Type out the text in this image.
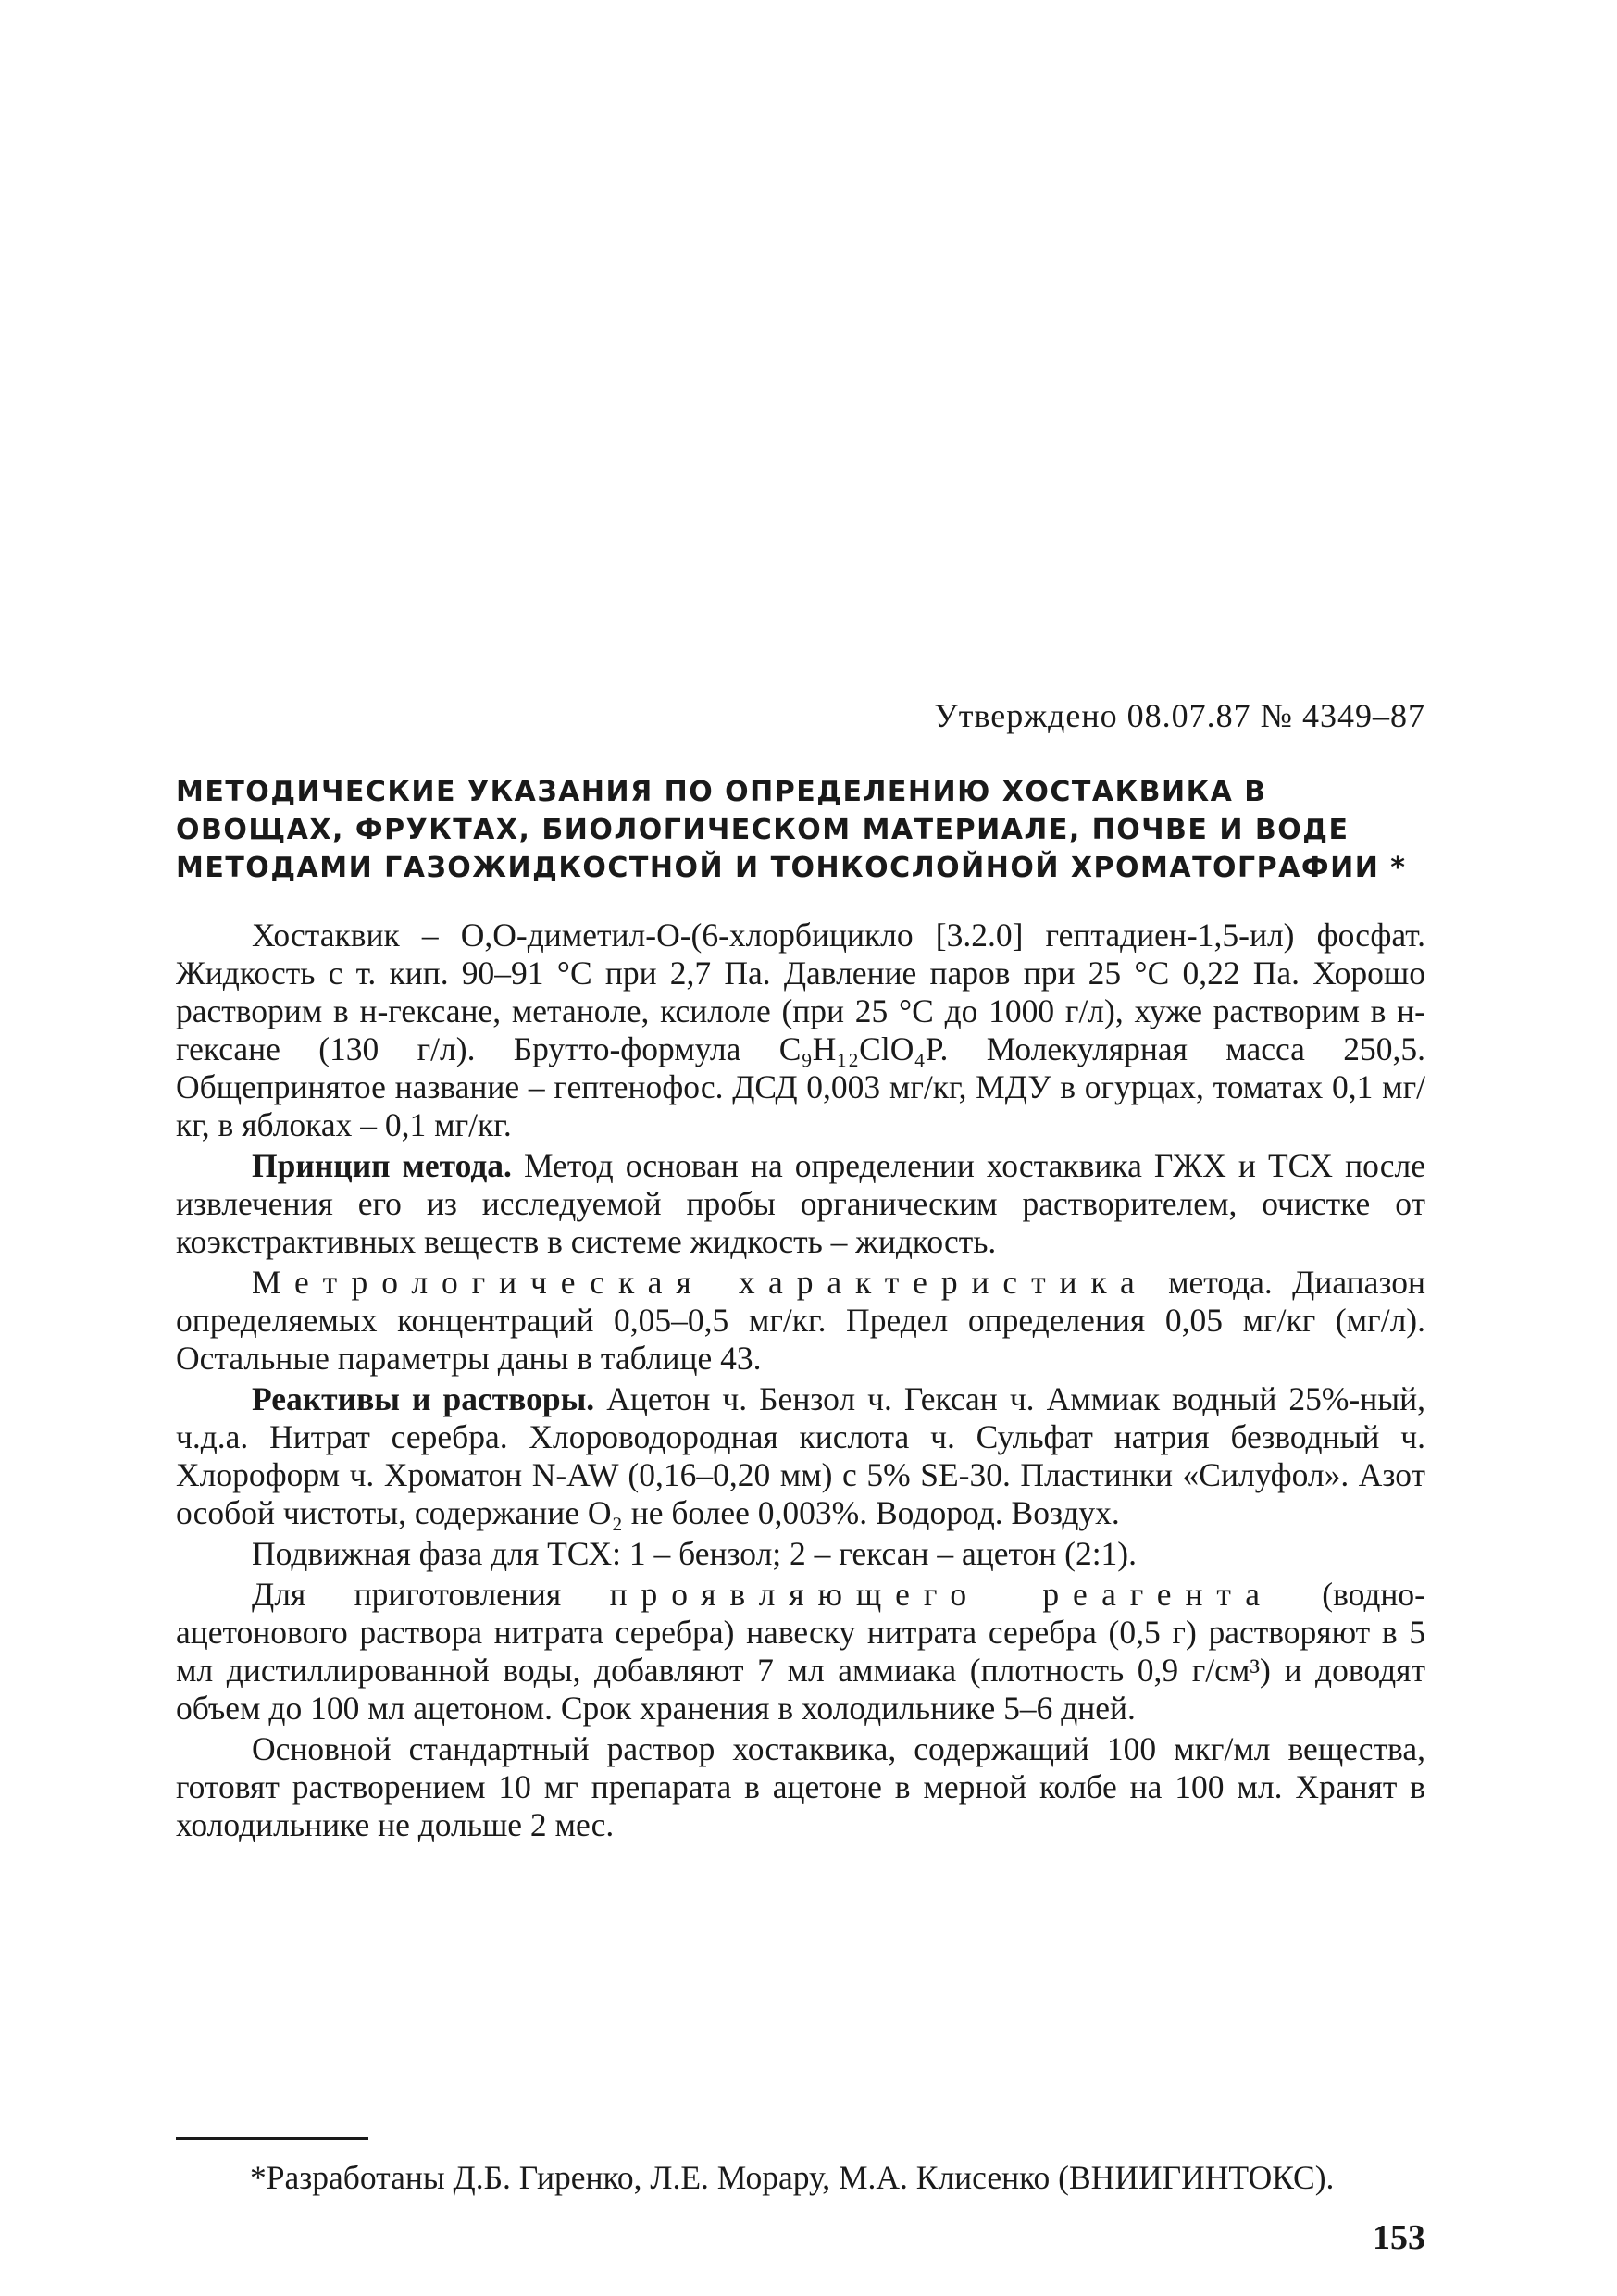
Утверждено 08.07.87 № 4349–87
МЕТОДИЧЕСКИЕ УКАЗАНИЯ ПО ОПРЕДЕЛЕНИЮ ХОСТАКВИКА В ОВОЩАХ, ФРУКТАХ, БИОЛОГИЧЕСКОМ МАТЕРИАЛЕ, ПОЧВЕ И ВОДЕ МЕТОДАМИ ГАЗОЖИДКОСТНОЙ И ТОНКОСЛОЙНОЙ ХРОМАТОГРАФИИ *

Хостаквик – О,О-диметил-О-(6-хлорбицикло [3.2.0] гептадиен-1,5-ил) фосфат. Жидкость с т. кип. 90–91 °С при 2,7 Па. Давление паров при 25 °С 0,22 Па. Хорошо растворим в н-гексане, метаноле, ксилоле (при 25 °С до 1000 г/л), хуже растворим в н-гексане (130 г/л). Брутто-формула C₉H₁₂ClO₄P. Молекулярная масса 250,5. Общепринятое название – гептенофос. ДСД 0,003 мг/кг, МДУ в огурцах, томатах 0,1 мг/кг, в яблоках – 0,1 мг/кг.

Принцип метода. Метод основан на определении хостаквика ГЖХ и ТСХ после извлечения его из исследуемой пробы органическим растворителем, очистке от коэкстрактивных веществ в системе жидкость – жидкость.

Метрологическая характеристика метода. Диапазон определяемых концентраций 0,05–0,5 мг/кг. Предел определения 0,05 мг/кг (мг/л). Остальные параметры даны в таблице 43.

Реактивы и растворы. Ацетон ч. Бензол ч. Гексан ч. Аммиак водный 25%-ный, ч.д.а. Нитрат серебра. Хлороводородная кислота ч. Сульфат натрия безводный ч. Хлороформ ч. Хроматон N-AW (0,16–0,20 мм) с 5% SE-30. Пластинки «Силуфол». Азот особой чистоты, содержание O₂ не более 0,003%. Водород. Воздух.

Подвижная фаза для ТСХ: 1 – бензол; 2 – гексан – ацетон (2:1).

Для приготовления проявляющего реагента (водно-ацетонового раствора нитрата серебра) навеску нитрата серебра (0,5 г) растворяют в 5 мл дистиллированной воды, добавляют 7 мл аммиака (плотность 0,9 г/см³) и доводят объем до 100 мл ацетоном. Срок хранения в холодильнике 5–6 дней.

Основной стандартный раствор хостаквика, содержащий 100 мкг/мл вещества, готовят растворением 10 мг препарата в ацетоне в мерной колбе на 100 мл. Хранят в холодильнике не дольше 2 мес.

*Разработаны Д.Б. Гиренко, Л.Е. Морару, М.А. Клисенко (ВНИИГИНТОКС).

153
